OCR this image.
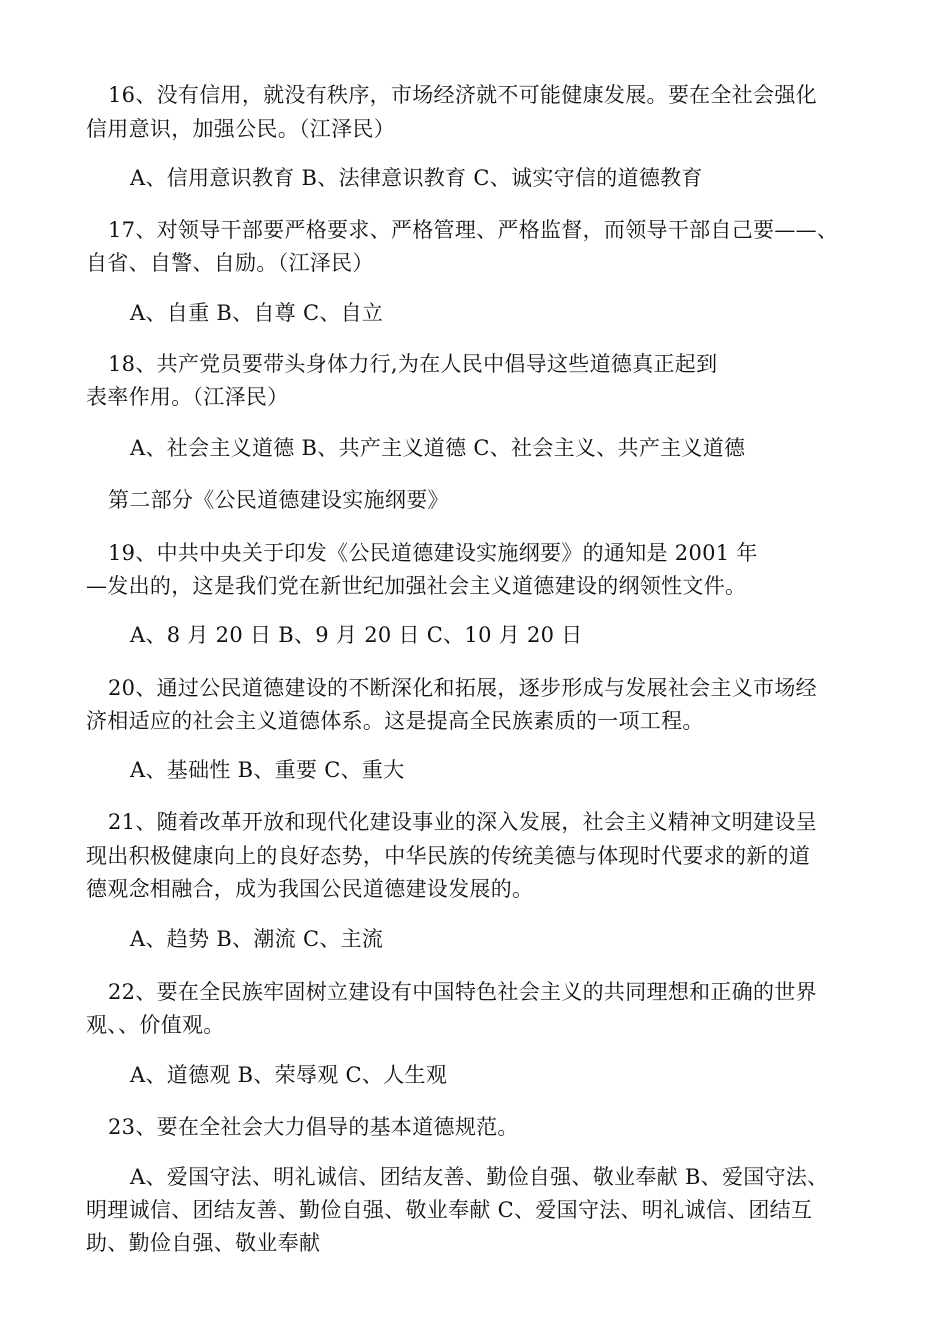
16、没有信用，就没有秩序，市场经济就不可能健康发展。要在全社会强化
信用意识，加强公民。（江泽民）
A、信用意识教育 B、法律意识教育 C、诚实守信的道德教育
17、对领导干部要严格要求、严格管理、严格监督，而领导干部自己要——、
自省、自警、自励。（江泽民）
A、自重 B、自尊 C、自立
18、共产党员要带头身体力行,为在人民中倡导这些道德真正起到
表率作用。（江泽民）
A、社会主义道德 B、共产主义道德 C、社会主义、共产主义道德
第二部分《公民道德建设实施纲要》
19、中共中央关于印发《公民道德建设实施纲要》的通知是 2001 年
—发出的，这是我们党在新世纪加强社会主义道德建设的纲领性文件。
A、8 月 20 日 B、9 月 20 日 C、10 月 20 日
20、通过公民道德建设的不断深化和拓展，逐步形成与发展社会主义市场经
济相适应的社会主义道德体系。这是提高全民族素质的一项工程。
A、基础性 B、重要 C、重大
21、随着改革开放和现代化建设事业的深入发展，社会主义精神文明建设呈
现出积极健康向上的良好态势，中华民族的传统美德与体现时代要求的新的道
德观念相融合，成为我国公民道德建设发展的。
A、趋势 B、潮流 C、主流
22、要在全民族牢固树立建设有中国特色社会主义的共同理想和正确的世界
观、、价值观。
A、道德观 B、荣辱观 C、人生观
23、要在全社会大力倡导的基本道德规范。
A、爱国守法、明礼诚信、团结友善、勤俭自强、敬业奉献 B、爱国守法、
明理诚信、团结友善、勤俭自强、敬业奉献 C、爱国守法、明礼诚信、团结互
助、勤俭自强、敬业奉献
